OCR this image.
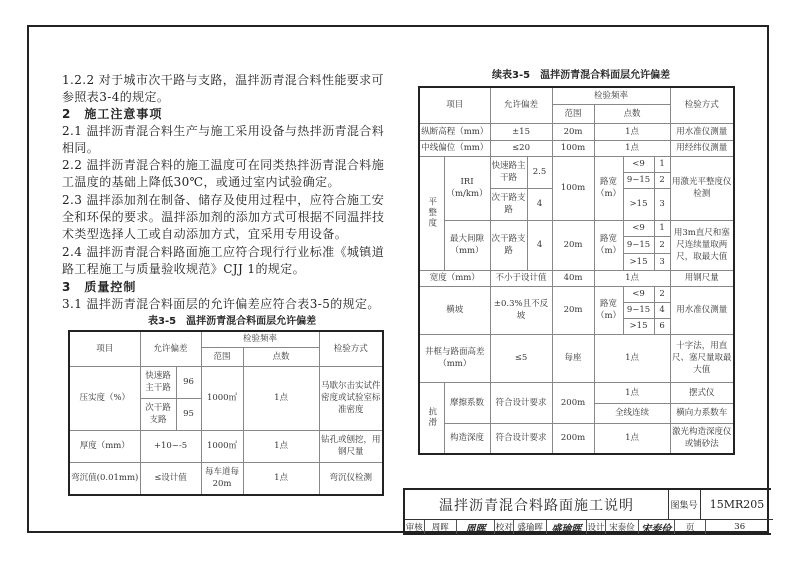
1.2.2 对于城市次干路与支路，温拌沥青混合料性能要求可
参照表3-4的规定。
2　施工注意事项
2.1 温拌沥青混合料生产与施工采用设备与热拌沥青混合料
相同。
2.2 温拌沥青混合料的施工温度可在同类热拌沥青混合料施
工温度的基础上降低30℃，或通过室内试验确定。
2.3 温拌添加剂在制备、储存及使用过程中，应符合施工安
全和环保的要求。温拌添加剂的添加方式可根据不同温拌技
术类型选择人工或自动添加方式，宜采用专用设备。
2.4 温拌沥青混合料路面施工应符合现行行业标准《城镇道
路工程施工与质量验收规范》CJJ 1的规定。
3　质量控制
3.1 温拌沥青混合料面层的允许偏差应符合表3-5的规定。
表3-5　温拌沥青混合料面层允许偏差
项目	允许偏差		检验频率		检验方式
			范围	点数	
压实度（%）	快速路主干路	96	1000㎡	1点	马歇尔击实试件密度或试验室标准密度
	次干路支路	95			
厚度（mm）	+10~-5		1000㎡	1点	钻孔或刨挖，用钢尺量
弯沉值(0.01mm)	≤设计值		每车道每20m	1点	弯沉仪检测
续表3-5　温拌沥青混合料面层允许偏差
项目		允许偏差		检验频率				检验方式
				范围	点数			
纵断高程（mm）		±15		20m	1点			用水准仪测量
中线偏位（mm）		≤20		100m	1点			用经纬仪测量
平整度	IRI（m/km）	快速路主干路	2.5	100m	路宽（m）	<9	1	用激光平整度仪检测
						9~15	2	
		次干路支路	4			>15	3	
	最大间隙（mm）	次干路支路	4	20m	路宽（m）	<9	1	用3m直尺和塞尺连续量取两尺，取最大值
						9~15	2	
						>15	3	
宽度（mm）		不小于设计值		40m	1点			用钢尺量
横坡		±0.3%且不反坡		20m	路宽（m）	<9	2	用水准仪测量
						9~15	4	
						>15	6	
井框与路面高差（mm）		≤5		每座	1点			十字法，用直尺、塞尺量取最大值
抗滑	摩擦系数	符合设计要求		200m	1点			摆式仪
					全线连续			横向力系数车
	构造深度	符合设计要求		200m	1点			激光构造深度仪或铺砂法
温拌沥青混合料路面施工说明	图集号	15MR205
审核	周晖	周晖	校对 盛瑜晖 盛瑜晖 设计 宋泰俭 宋泰俭	页	36
